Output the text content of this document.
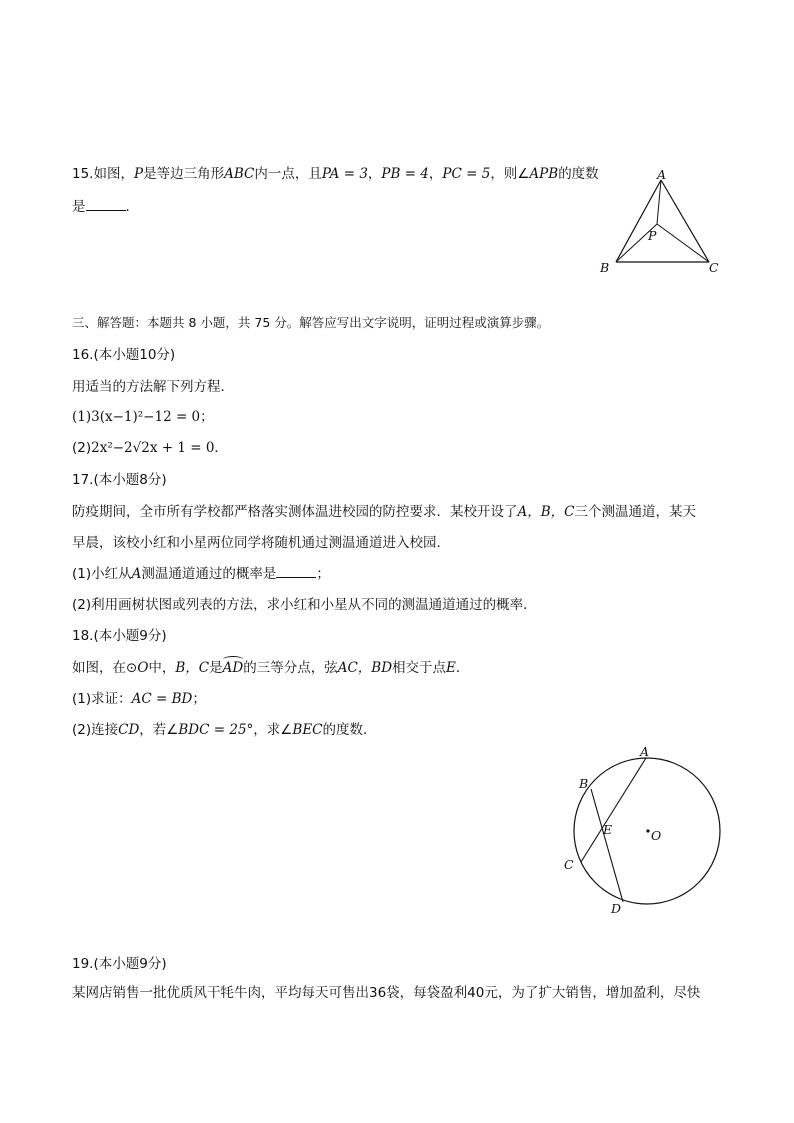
15.如图，P是等边三角形ABC内一点，且PA = 3，PB = 4，PC = 5，则∠APB的度数
是	．
A
B	C
P
三、解答题：本题共 8 小题，共 75 分。解答应写出文字说明，证明过程或演算步骤。
16.(本小题10分)
用适当的方法解下列方程．
(1)3(x−1)²−12 = 0；
(2)2x²−2√2x + 1 = 0．
17.(本小题8分)
防疫期间，全市所有学校都严格落实测体温进校园的防控要求．某校开设了A，B，C三个测温通道，某天
早晨，该校小红和小星两位同学将随机通过测温通道进入校园．
(1)小红从A测温通道通过的概率是	；
(2)利用画树状图或列表的方法，求小红和小星从不同的测温通道通过的概率．
18.(本小题9分)
如图，在⊙O中，B，C是AD的三等分点，弦AC，BD相交于点E．
(1)求证：AC = BD；
(2)连接CD，若∠BDC = 25°，求∠BEC的度数．
A
B
C
D
E	O
19.(本小题9分)
某网店销售一批优质风干牦牛肉，平均每天可售出36袋，每袋盈利40元，为了扩大销售，增加盈利，尽快
